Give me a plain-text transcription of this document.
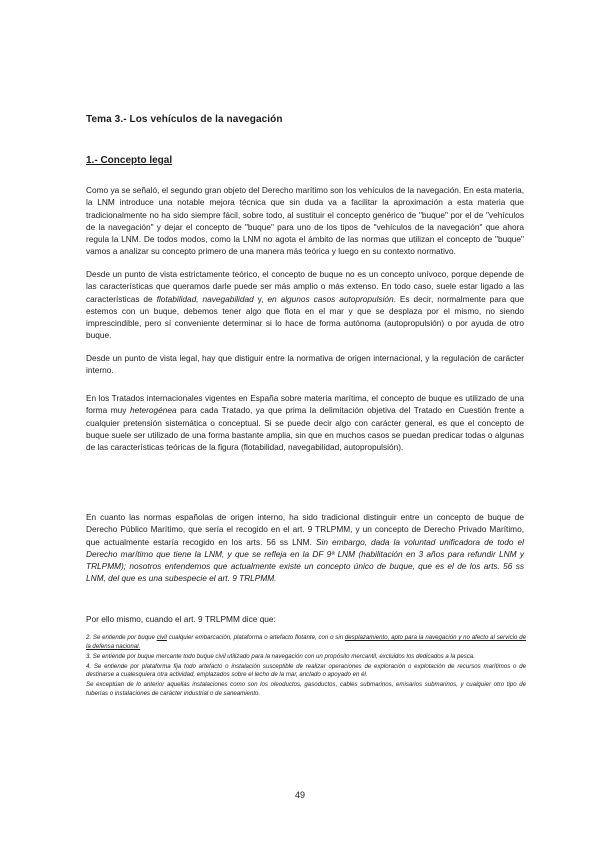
Tema 3.- Los vehículos de la navegación
1.- Concepto legal

Como ya se señaló, el segundo gran objeto del Derecho marítimo son los vehículos de la navegación. En esta materia, la LNM introduce una notable mejora técnica que sin duda va a facilitar la aproximación a esta materia que tradicionalmente no ha sido siempre fácil, sobre todo, al sustituir el concepto genérico de "buque" por el de "vehículos de la navegación" y dejar el concepto de "buque" para uno de los tipos de "vehículos de la navegación" que ahora regula la LNM. De todos modos, como la LNM no agota el ámbito de las normas que utilizan el concepto de "buque" vamos a analizar su concepto primero de una manera más teórica y luego en su contexto normativo.

Desde un punto de vista estrictamente teórico, el concepto de buque no es un concepto unívoco, porque depende de las características que queramos darle puede ser más amplio o más extenso. En todo caso, suele estar ligado a las características de flotabilidad, navegabilidad y, en algunos casos autopropulsión. Es decir, normalmente para que estemos con un buque, debemos tener algo que flota en el mar y que se desplaza por el mismo, no siendo imprescindible, pero sí conveniente determinar si lo hace de forma autónoma (autopropulsión) o por ayuda de otro buque.

Desde un punto de vista legal, hay que distiguir entre la normativa de origen internacional, y la regulación de carácter interno.

En los Tratados internacionales vigentes en España sobre materia marítima, el concepto de buque es utilizado de una forma muy heterogénea para cada Tratado, ya que prima la delimitación objetiva del Tratado en Cuestión frente a cualquier pretensión sistemática o conceptual. Si se puede decir algo con carácter general, es que el concepto de buque suele ser utilizado de una forma bastante amplia, sin que en muchos casos se puedan predicar todas o algunas de las características teóricas de la figura (flotabilidad, navegabilidad, autopropulsión).

En cuanto las normas españolas de origen interno, ha sido tradicional distinguir entre un concepto de buque de Derecho Público Marítimo, que sería el recogido en el art. 9 TRLPMM, y un concepto de Derecho Privado Marítimo, que actualmente estaría recogido en los arts. 56 ss LNM. Sin embargo, dada la voluntad unificadora de todo el Derecho marítimo que tiene la LNM, y que se refleja en la DF 9ª LNM (habilitación en 3 años para refundir LNM y TRLPMM); nosotros entendemos que actualmente existe un concepto único de buque, que es el de los arts. 56 ss LNM, del que es una subespecie el art. 9 TRLPMM.

Por ello mismo, cuando el art. 9 TRLPMM dice que:

2. Se entiende por buque civil cualquier embarcación, plataforma o artefacto flotante, con o sin desplazamiento, apto para la navegación y no afecto al servicio de la defensa nacional.

3. Se entiende por buque mercante todo buque civil utilizado para la navegación con un propósito mercantil, excluidos los dedicados a la pesca.

4. Se entiende por plataforma fija todo artefacto o instalación susceptible de realizar operaciones de exploración o explotación de recursos marítimos o de destinarse a cualesquiera otra actividad, emplazados sobre el lecho de la mar, anclado o apoyado en él.

Se exceptúan de lo anterior aquellas instalaciones como son los oleoductos, gasoductos, cables submarinos, emisarios submarinos, y cualquier otro tipo de tuberías o instalaciones de carácter industrial o de saneamiento.

49
